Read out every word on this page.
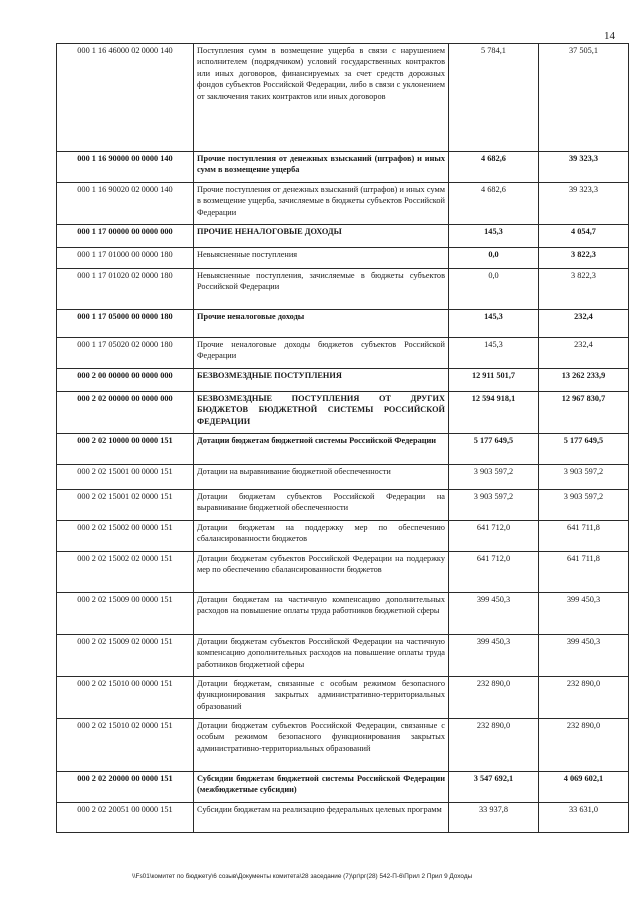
14
000 1 16 46000 02 0000 140	Поступления сумм в возмещение ущерба в связи с нарушением исполнителем (подрядчиком) условий государственных контрактов или иных договоров, финансируемых за счет средств дорожных фондов субъектов Российской Федерации, либо в связи с уклонением от заключения таких контрактов или иных договоров	5 784,1	37 505,1
000 1 16 90000 00 0000 140	Прочие поступления от денежных взысканий (штрафов) и иных сумм в возмещение ущерба	4 682,6	39 323,3
000 1 16 90020 02 0000 140	Прочие поступления от денежных взысканий (штрафов) и иных сумм в возмещение ущерба, зачисляемые в бюджеты субъектов Российской Федерации	4 682,6	39 323,3
000 1 17 00000 00 0000 000	ПРОЧИЕ НЕНАЛОГОВЫЕ ДОХОДЫ	145,3	4 054,7
000 1 17 01000 00 0000 180	Невыясненные поступления	0,0	3 822,3
000 1 17 01020 02 0000 180	Невыясненные поступления, зачисляемые в бюджеты субъектов Российской Федерации	0,0	3 822,3
000 1 17 05000 00 0000 180	Прочие неналоговые доходы	145,3	232,4
000 1 17 05020 02 0000 180	Прочие неналоговые доходы бюджетов субъектов Российской Федерации	145,3	232,4
000 2 00 00000 00 0000 000	БЕЗВОЗМЕЗДНЫЕ ПОСТУПЛЕНИЯ	12 911 501,7	13 262 233,9
000 2 02 00000 00 0000 000	БЕЗВОЗМЕЗДНЫЕ ПОСТУПЛЕНИЯ ОТ ДРУГИХ БЮДЖЕТОВ БЮДЖЕТНОЙ СИСТЕМЫ РОССИЙСКОЙ ФЕДЕРАЦИИ	12 594 918,1	12 967 830,7
000 2 02 10000 00 0000 151	Дотации бюджетам бюджетной системы Российской Федерации	5 177 649,5	5 177 649,5
000 2 02 15001 00 0000 151	Дотации на выравнивание бюджетной обеспеченности	3 903 597,2	3 903 597,2
000 2 02 15001 02 0000 151	Дотации бюджетам субъектов Российской Федерации на выравнивание бюджетной обеспеченности	3 903 597,2	3 903 597,2
000 2 02 15002 00 0000 151	Дотации бюджетам на поддержку мер по обеспечению сбалансированности бюджетов	641 712,0	641 711,8
000 2 02 15002 02 0000 151	Дотации бюджетам субъектов Российской Федерации на поддержку мер по обеспечению сбалансированности бюджетов	641 712,0	641 711,8
000 2 02 15009 00 0000 151	Дотации бюджетам на частичную компенсацию дополнительных расходов на повышение оплаты труда работников бюджетной сферы	399 450,3	399 450,3
000 2 02 15009 02 0000 151	Дотации бюджетам субъектов Российской Федерации на частичную компенсацию дополнительных расходов на повышение оплаты труда работников бюджетной сферы	399 450,3	399 450,3
000 2 02 15010 00 0000 151	Дотации бюджетам, связанные с особым режимом безопасного функционирования закрытых административно-территориальных образований	232 890,0	232 890,0
000 2 02 15010 02 0000 151	Дотации бюджетам субъектов Российской Федерации, связанные с особым режимом безопасного функционирования закрытых административно-территориальных образований	232 890,0	232 890,0
000 2 02 20000 00 0000 151	Субсидии бюджетам бюджетной системы Российской Федерации (межбюджетные субсидии)	3 547 692,1	4 069 602,1
000 2 02 20051 00 0000 151	Субсидии бюджетам на реализацию федеральных целевых программ	33 937,8	33 631,0
\\Fs01\комитет по бюджету\6 созыв\Документы комитета\28 заседание (7)\рг\рг(28) 542-П-6\Прил 2 Прил 9 Доходы
